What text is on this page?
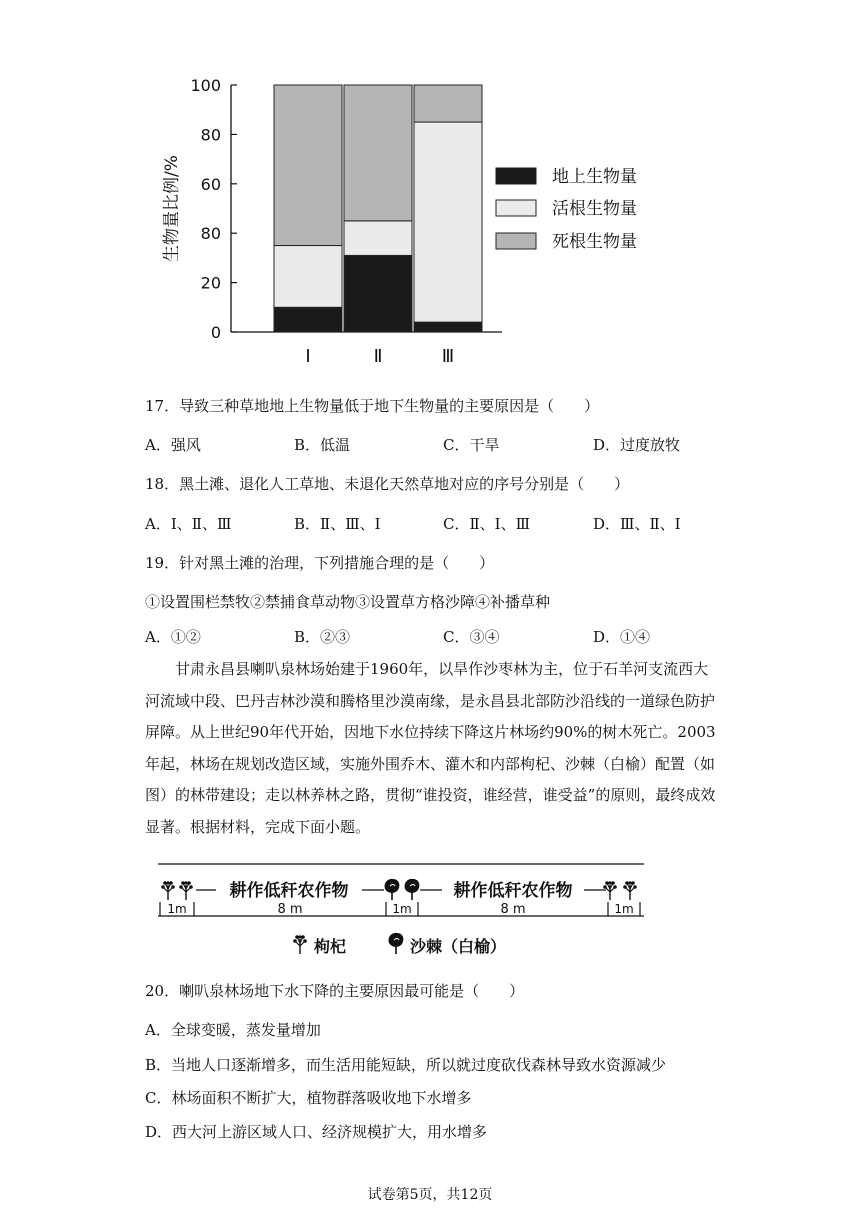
0
20
80
60
80
100
生物量比例/%
Ⅰ	Ⅱ	Ⅲ
地上生物量
活根生物量
死根生物量
17．导致三种草地地上生物量低于地下生物量的主要原因是（　　）
A．强风	B．低温	C．干旱	D．过度放牧
18．黑土滩、退化人工草地、未退化天然草地对应的序号分别是（　　）
A．Ⅰ、Ⅱ、Ⅲ	B．Ⅱ、Ⅲ、Ⅰ	C．Ⅱ、Ⅰ、Ⅲ	D．Ⅲ、Ⅱ、Ⅰ
19．针对黑土滩的治理，下列措施合理的是（　　）
①设置围栏禁牧②禁捕食草动物③设置草方格沙障④补播草种
A．①②	B．②③	C．③④	D．①④

甘肃永昌县喇叭泉林场始建于1960年，以旱作沙枣林为主，位于石羊河支流西大河流域中段、巴丹吉林沙漠和腾格里沙漠南缘，是永昌县北部防沙沿线的一道绿色防护屏障。从上世纪90年代开始，因地下水位持续下降这片林场约90%的树木死亡。2003年起，林场在规划改造区域，实施外围乔木、灌木和内部枸杞、沙棘（白榆）配置（如图）的林带建设；走以林养林之路，贯彻“谁投资，谁经营，谁受益”的原则，最终成效显著。根据材料，完成下面小题。

耕作低秆农作物	耕作低秆农作物
1m	1m	1m
8 m	8 m
枸杞	沙棘（白榆）
20．喇叭泉林场地下水下降的主要原因最可能是（　　）
A．全球变暖，蒸发量增加
B．当地人口逐渐增多，而生活用能短缺，所以就过度砍伐森林导致水资源减少
C．林场面积不断扩大，植物群落吸收地下水增多
D．西大河上游区域人口、经济规模扩大，用水增多
试卷第5页，共12页
